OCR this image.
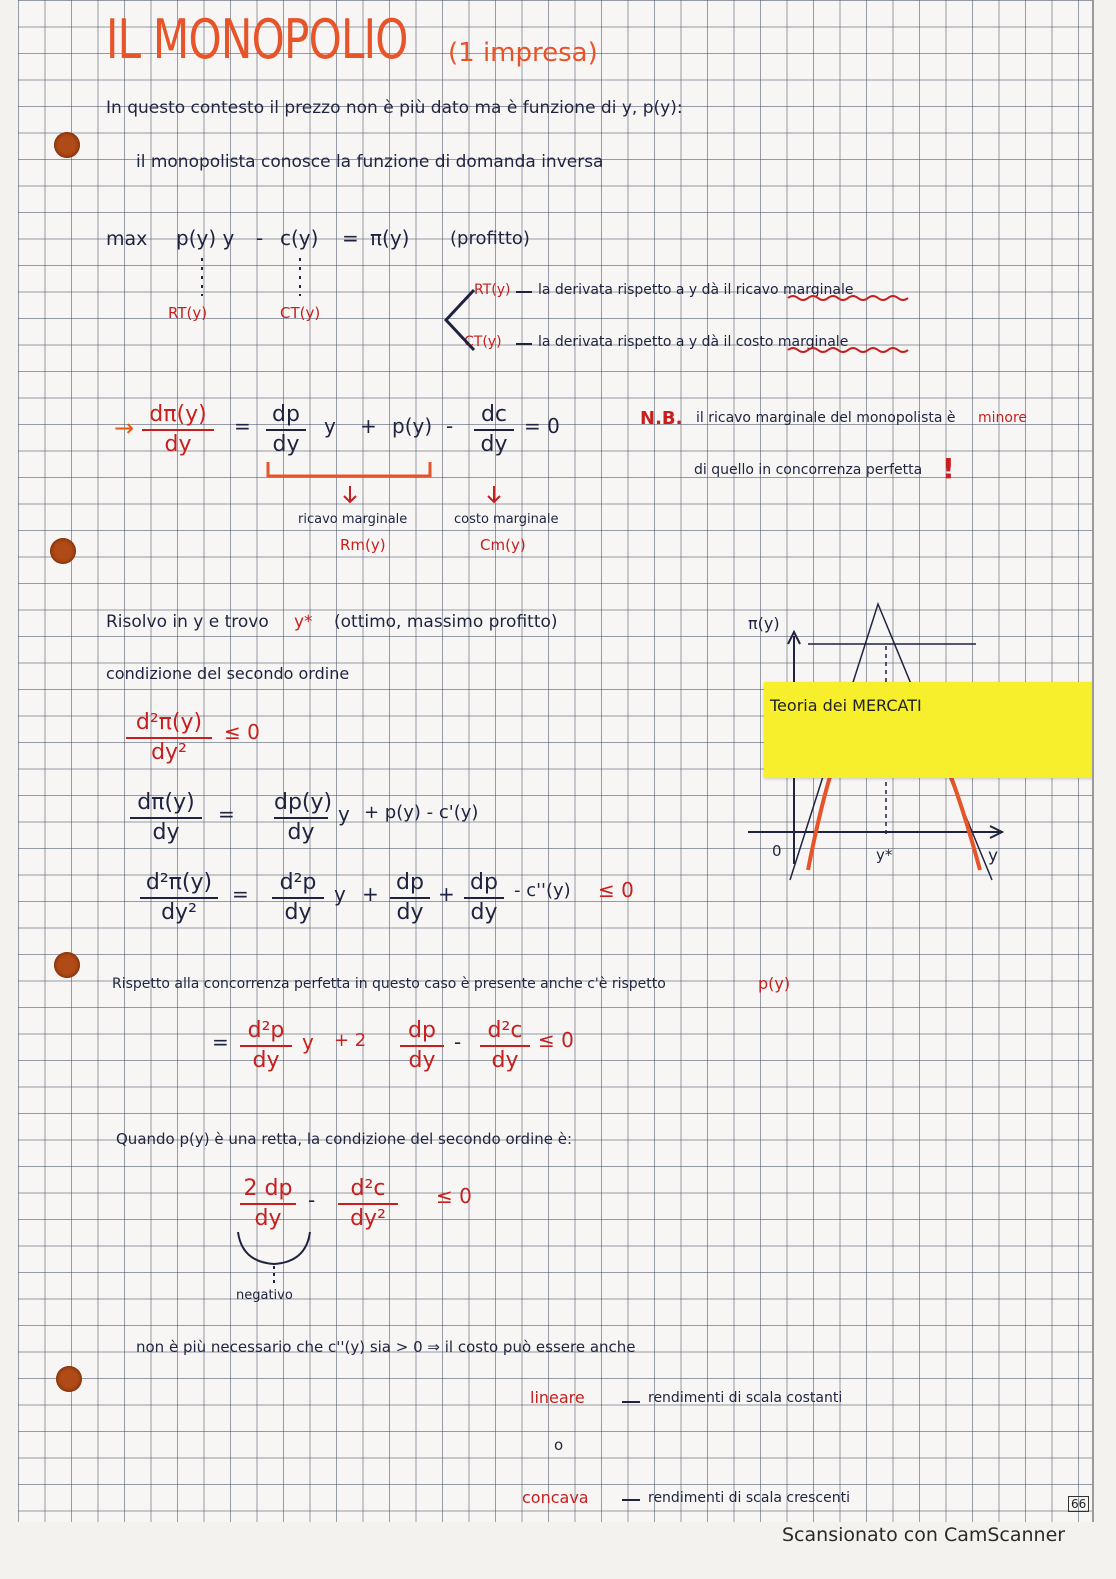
IL MONOPOLIO (1 impresa)
In questo contesto il prezzo non è più dato ma è funzione di y, p(y):
il monopolista conosce la funzione di domanda inversa
max p(y) y - c(y) = π(y) (profitto)
RT(y)	CT(y)
RT(y) la derivata rispetto a y dà il ricavo marginale
CT(y)	la derivata rispetto a y dà il costo marginale
→ dπ(y)
dy
= dp
dy
y + p(y) -	dc
dy
= 0
ricavo marginale
Rm(y)
costo marginale
Cm(y)
N.B. il ricavo marginale del monopolista è minore
di quello in concorrenza perfetta !
Risolvo in y e trovo y* (ottimo, massimo profitto)
condizione del secondo ordine
d²π(y)
dy²
≤ 0
dπ(y)
dy
= dp(y)
dy
y + p(y) - c'(y)
d²π(y)
dy²
=	d²p
dy
y + dp
dy
+ dp
dy
- c''(y) ≤ 0
Rispetto alla concorrenza perfetta in questo caso è presente anche c'è rispetto	p(y)
= d²p
dy
y + 2	dp
dy
-	d²c
dy
≤ 0
Quando p(y) è una retta, la condizione del secondo ordine è:
2 dp
dy
-	d²c
dy²
≤ 0
negativo
non è più necessario che c''(y) sia > 0 ⇒ il costo può essere anche
lineare	rendimenti di scala costanti
o
concava	rendimenti di scala crescenti
π(y)
0	y*	y
66
Teoria dei MERCATI
Scansionato con CamScanner
